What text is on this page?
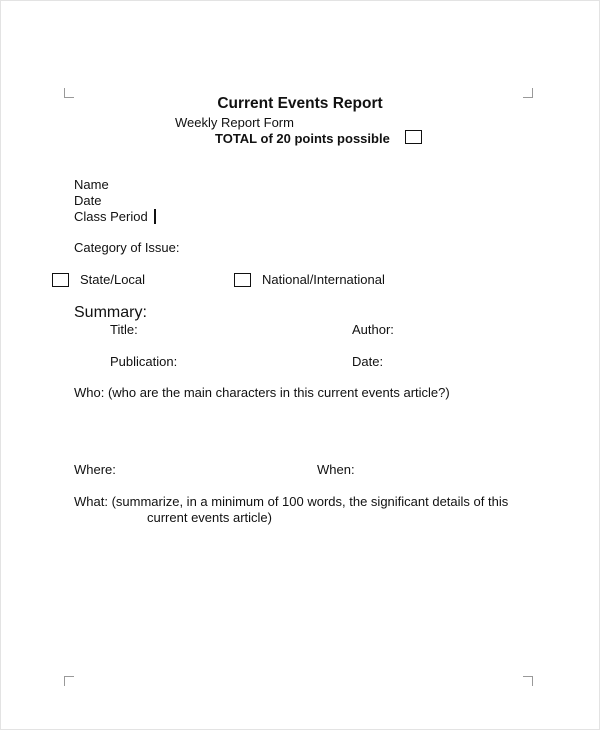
Current Events Report
Weekly Report Form
TOTAL of 20 points possible
Name
Date
Class Period
Category of Issue:
State/Local	National/International
Summary:
Title:	Author:
Publication:	Date:
Who: (who are the main characters in this current events article?)
Where:	When:
What: (summarize, in a minimum of 100 words, the significant details of this
current events article)
